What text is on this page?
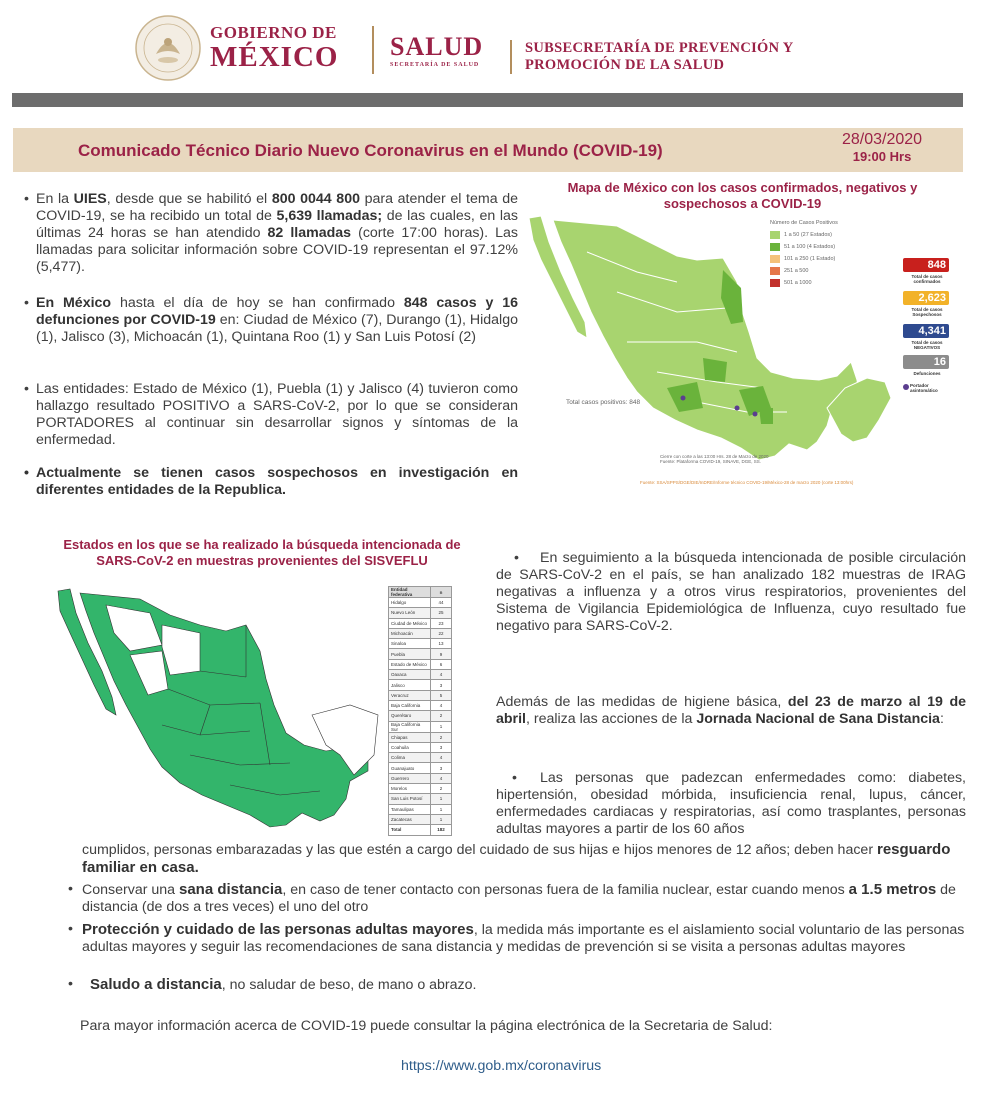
GOBIERNO DE
MÉXICO SALUD
SECRETARÍA DE SALUD
SUBSECRETARÍA DE PREVENCIÓN Y
PROMOCIÓN DE LA SALUD
Comunicado Técnico Diario Nuevo Coronavirus en el Mundo (COVID-19)
28/03/2020
19:00 Hrs
• En la UIES, desde que se habilitó el 800 0044 800 para atender el tema de COVID-19, se ha recibido un total de 5,639 llamadas; de las cuales, en las últimas 24 horas se han atendido 82 llamadas (corte 17:00 horas). Las llamadas para solicitar información sobre COVID-19 representan el 97.12% (5,477).
• En México hasta el día de hoy se han confirmado 848 casos y 16 defunciones por COVID-19 en: Ciudad de México (7), Durango (1), Hidalgo (1), Jalisco (3), Michoacán (1), Quintana Roo (1) y San Luis Potosí (2)
• Las entidades: Estado de México (1), Puebla (1) y Jalisco (4) tuvieron como hallazgo resultado POSITIVO a SARS-CoV-2, por lo que se consideran PORTADORES al continuar sin desarrollar signos y síntomas de la enfermedad.
• Actualmente se tienen casos sospechosos en investigación en diferentes entidades de la Republica.
Mapa de México con los casos confirmados, negativos y
sospechosos a COVID-19
Número de Casos Positivos
1 a 50 (27 Estados)
51 a 100 (4 Estados)
101 a 250 (1 Estado)
251 a 500
501 a 1000
Total casos positivos: 848
Cierre con corte a las 13:00 Hrs. 28 de Marzo de 2020
Fuente: Plataforma COVID-19, SINAVE, DGE, SS.
Fuente: SSA/SPPS/DGE/DIE/InDRE/Informe técnico COVID-19/México-28 de marzo 2020 (corte 13:00hrs)
848
Total de casos confirmados
2,623
Total de casos Sospechosos
4,341
Total de casos NEGATIVOS
16
Defunciones
Portador asintomático
Estados en los que se ha realizado la búsqueda intencionada de
SARS-CoV-2 en muestras provenientes del SISVEFLU
Entidad federativa	n
Hidalgo	44
Nuevo León	25
Ciudad de México	23
Michoacán	22
Sinaloa	13
Puebla	9
Estado de México	6
Oaxaca	4
Jalisco	3
Veracruz	5
Baja California	4
Querétaro	2
Baja California Sur	1
Chiapas	2
Coahuila	3
Colima	4
Guanajuato	3
Guerrero	4
Morelos	2
San Luis Potosí	1
Tamaulipas	1
Zacatecas	1
Total	182
• En seguimiento a la búsqueda intencionada de posible circulación de SARS-CoV-2 en el país, se han analizado 182 muestras de IRAG negativas a influenza y a otros virus respiratorios, provenientes del Sistema de Vigilancia Epidemiológica de Influenza, cuyo resultado fue negativo para SARS-CoV-2.
Además de las medidas de higiene básica, del 23 de marzo al 19 de abril, realiza las acciones de la Jornada Nacional de Sana Distancia:
• Las personas que padezcan enfermedades como: diabetes, hipertensión, obesidad mórbida, insuficiencia renal, lupus, cáncer, enfermedades cardiacas y respiratorias, así como trasplantes, personas adultas mayores a partir de los 60 años
cumplidos, personas embarazadas y las que estén a cargo del cuidado de sus hijas e hijos menores de 12 años; deben hacer resguardo familiar en casa.
• Conservar una sana distancia, en caso de tener contacto con personas fuera de la familia nuclear, estar cuando menos a 1.5 metros de distancia (de dos a tres veces) el uno del otro
• Protección y cuidado de las personas adultas mayores, la medida más importante es el aislamiento social voluntario de las personas adultas mayores y seguir las recomendaciones de sana distancia y medidas de prevención si se visita a personas adultas mayores
• Saludo a distancia, no saludar de beso, de mano o abrazo.
Para mayor información acerca de COVID-19 puede consultar la página electrónica de la Secretaria de Salud:
https://www.gob.mx/coronavirus
